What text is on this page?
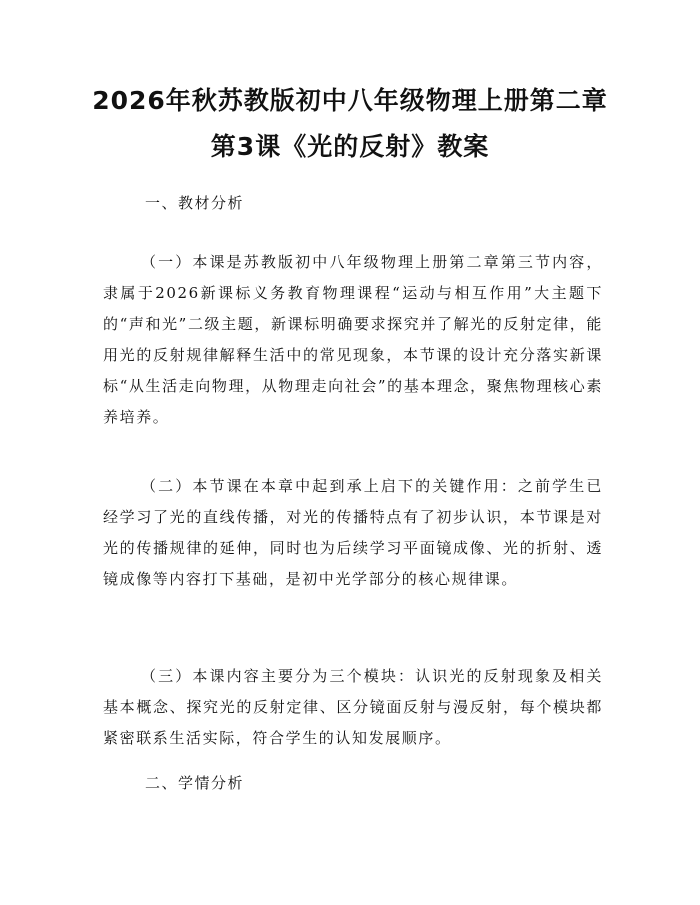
2026年秋苏教版初中八年级物理上册第二章
第3课《光的反射》教案
一、教材分析

（一）本课是苏教版初中八年级物理上册第二章第三节内容，隶属于2026新课标义务教育物理课程“运动与相互作用”大主题下的“声和光”二级主题，新课标明确要求探究并了解光的反射定律，能用光的反射规律解释生活中的常见现象，本节课的设计充分落实新课标“从生活走向物理，从物理走向社会”的基本理念，聚焦物理核心素养培养。

（二）本节课在本章中起到承上启下的关键作用：之前学生已经学习了光的直线传播，对光的传播特点有了初步认识，本节课是对光的传播规律的延伸，同时也为后续学习平面镜成像、光的折射、透镜成像等内容打下基础，是初中光学部分的核心规律课。

（三）本课内容主要分为三个模块：认识光的反射现象及相关基本概念、探究光的反射定律、区分镜面反射与漫反射，每个模块都紧密联系生活实际，符合学生的认知发展顺序。

二、学情分析
